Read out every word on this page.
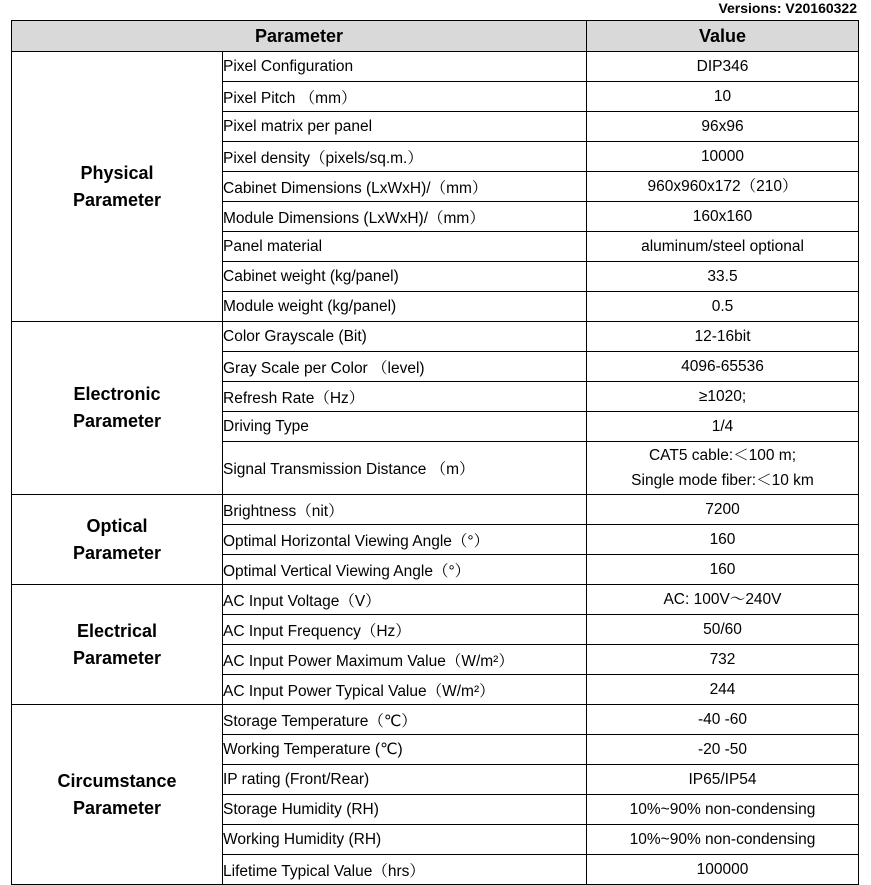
Versions: V20160322
Parameter		Value

Physical
Parameter	Pixel Configuration	DIP346

	Pixel Pitch （mm）	10

	Pixel matrix per panel	96x96

	Pixel density（pixels/sq.m.）	10000

	Cabinet Dimensions (LxWxH)/（mm）	960x960x172（210）

	Module Dimensions (LxWxH)/（mm）	160x160

	Panel material	aluminum/steel optional

	Cabinet weight (kg/panel)	33.5

	Module weight (kg/panel)	0.5

Electronic
Parameter	Color Grayscale (Bit)	12-16bit

	Gray Scale per Color （level)	4096-65536

	Refresh Rate（Hz）	≥1020;

	Driving Type	1/4

	Signal Transmission Distance （m）	CAT5 cable:＜100 m;
Single mode fiber:＜10 km

Optical
Parameter	Brightness（nit）	7200

	Optimal Horizontal Viewing Angle（°）	160

	Optimal Vertical Viewing Angle（°）	160

Electrical
Parameter	AC Input Voltage（V）	AC: 100V～240V

	AC Input Frequency（Hz）	50/60

	AC Input Power Maximum Value（W/m²）	732

	AC Input Power Typical Value（W/m²）	244

Circumstance
Parameter	Storage Temperature（℃）	-40 -60

	Working Temperature (℃)	-20 -50

	IP rating (Front/Rear)	IP65/IP54

	Storage Humidity (RH)	10%~90% non-condensing

	Working Humidity (RH)	10%~90% non-condensing

	Lifetime Typical Value（hrs）	100000
